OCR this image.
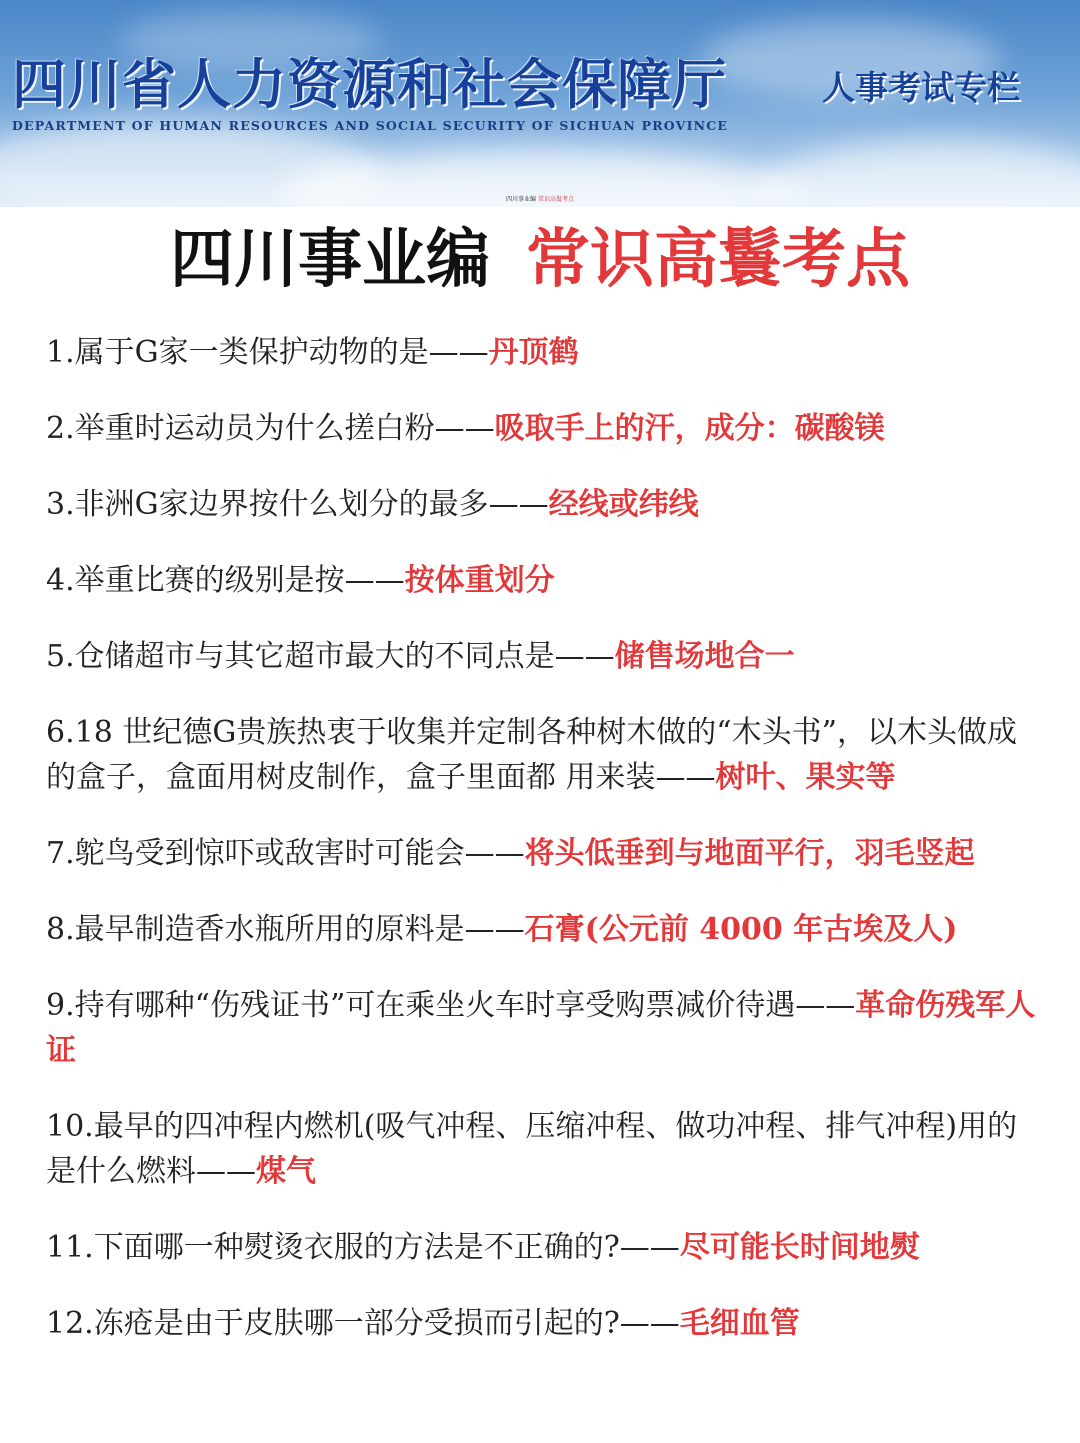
四川省人力资源和社会保障厅
DEPARTMENT OF HUMAN RESOURCES AND SOCIAL SECURITY OF SICHUAN PROVINCE
人事考试专栏
四川事业编 常识高鬟考点
四川事业编 常识高鬟考点

1.属于G家一类保护动物的是——丹顶鹤

2.举重时运动员为什么搓白粉——吸取手上的汗，成分：碳酸镁

3.非洲G家边界按什么划分的最多——经线或纬线

4.举重比赛的级别是按——按体重划分

5.仓储超市与其它超市最大的不同点是——储售场地合一

6.18 世纪德G贵族热衷于收集并定制各种树木做的“木头书”，以木头做成的盒子，盒面用树皮制作，盒子里面都 用来装——树叶、果实等

7.鸵鸟受到惊吓或敌害时可能会——将头低垂到与地面平行，羽毛竖起

8.最早制造香水瓶所用的原料是——石膏(公元前 4000 年古埃及人)

9.持有哪种“伤残证书”可在乘坐火车时享受购票减价待遇——革命伤残军人证

10.最早的四冲程内燃机(吸气冲程、压缩冲程、做功冲程、排气冲程)用的是什么燃料——煤气

11.下面哪一种熨烫衣服的方法是不正确的?——尽可能长时间地熨

12.冻疮是由于皮肤哪一部分受损而引起的?——毛细血管
